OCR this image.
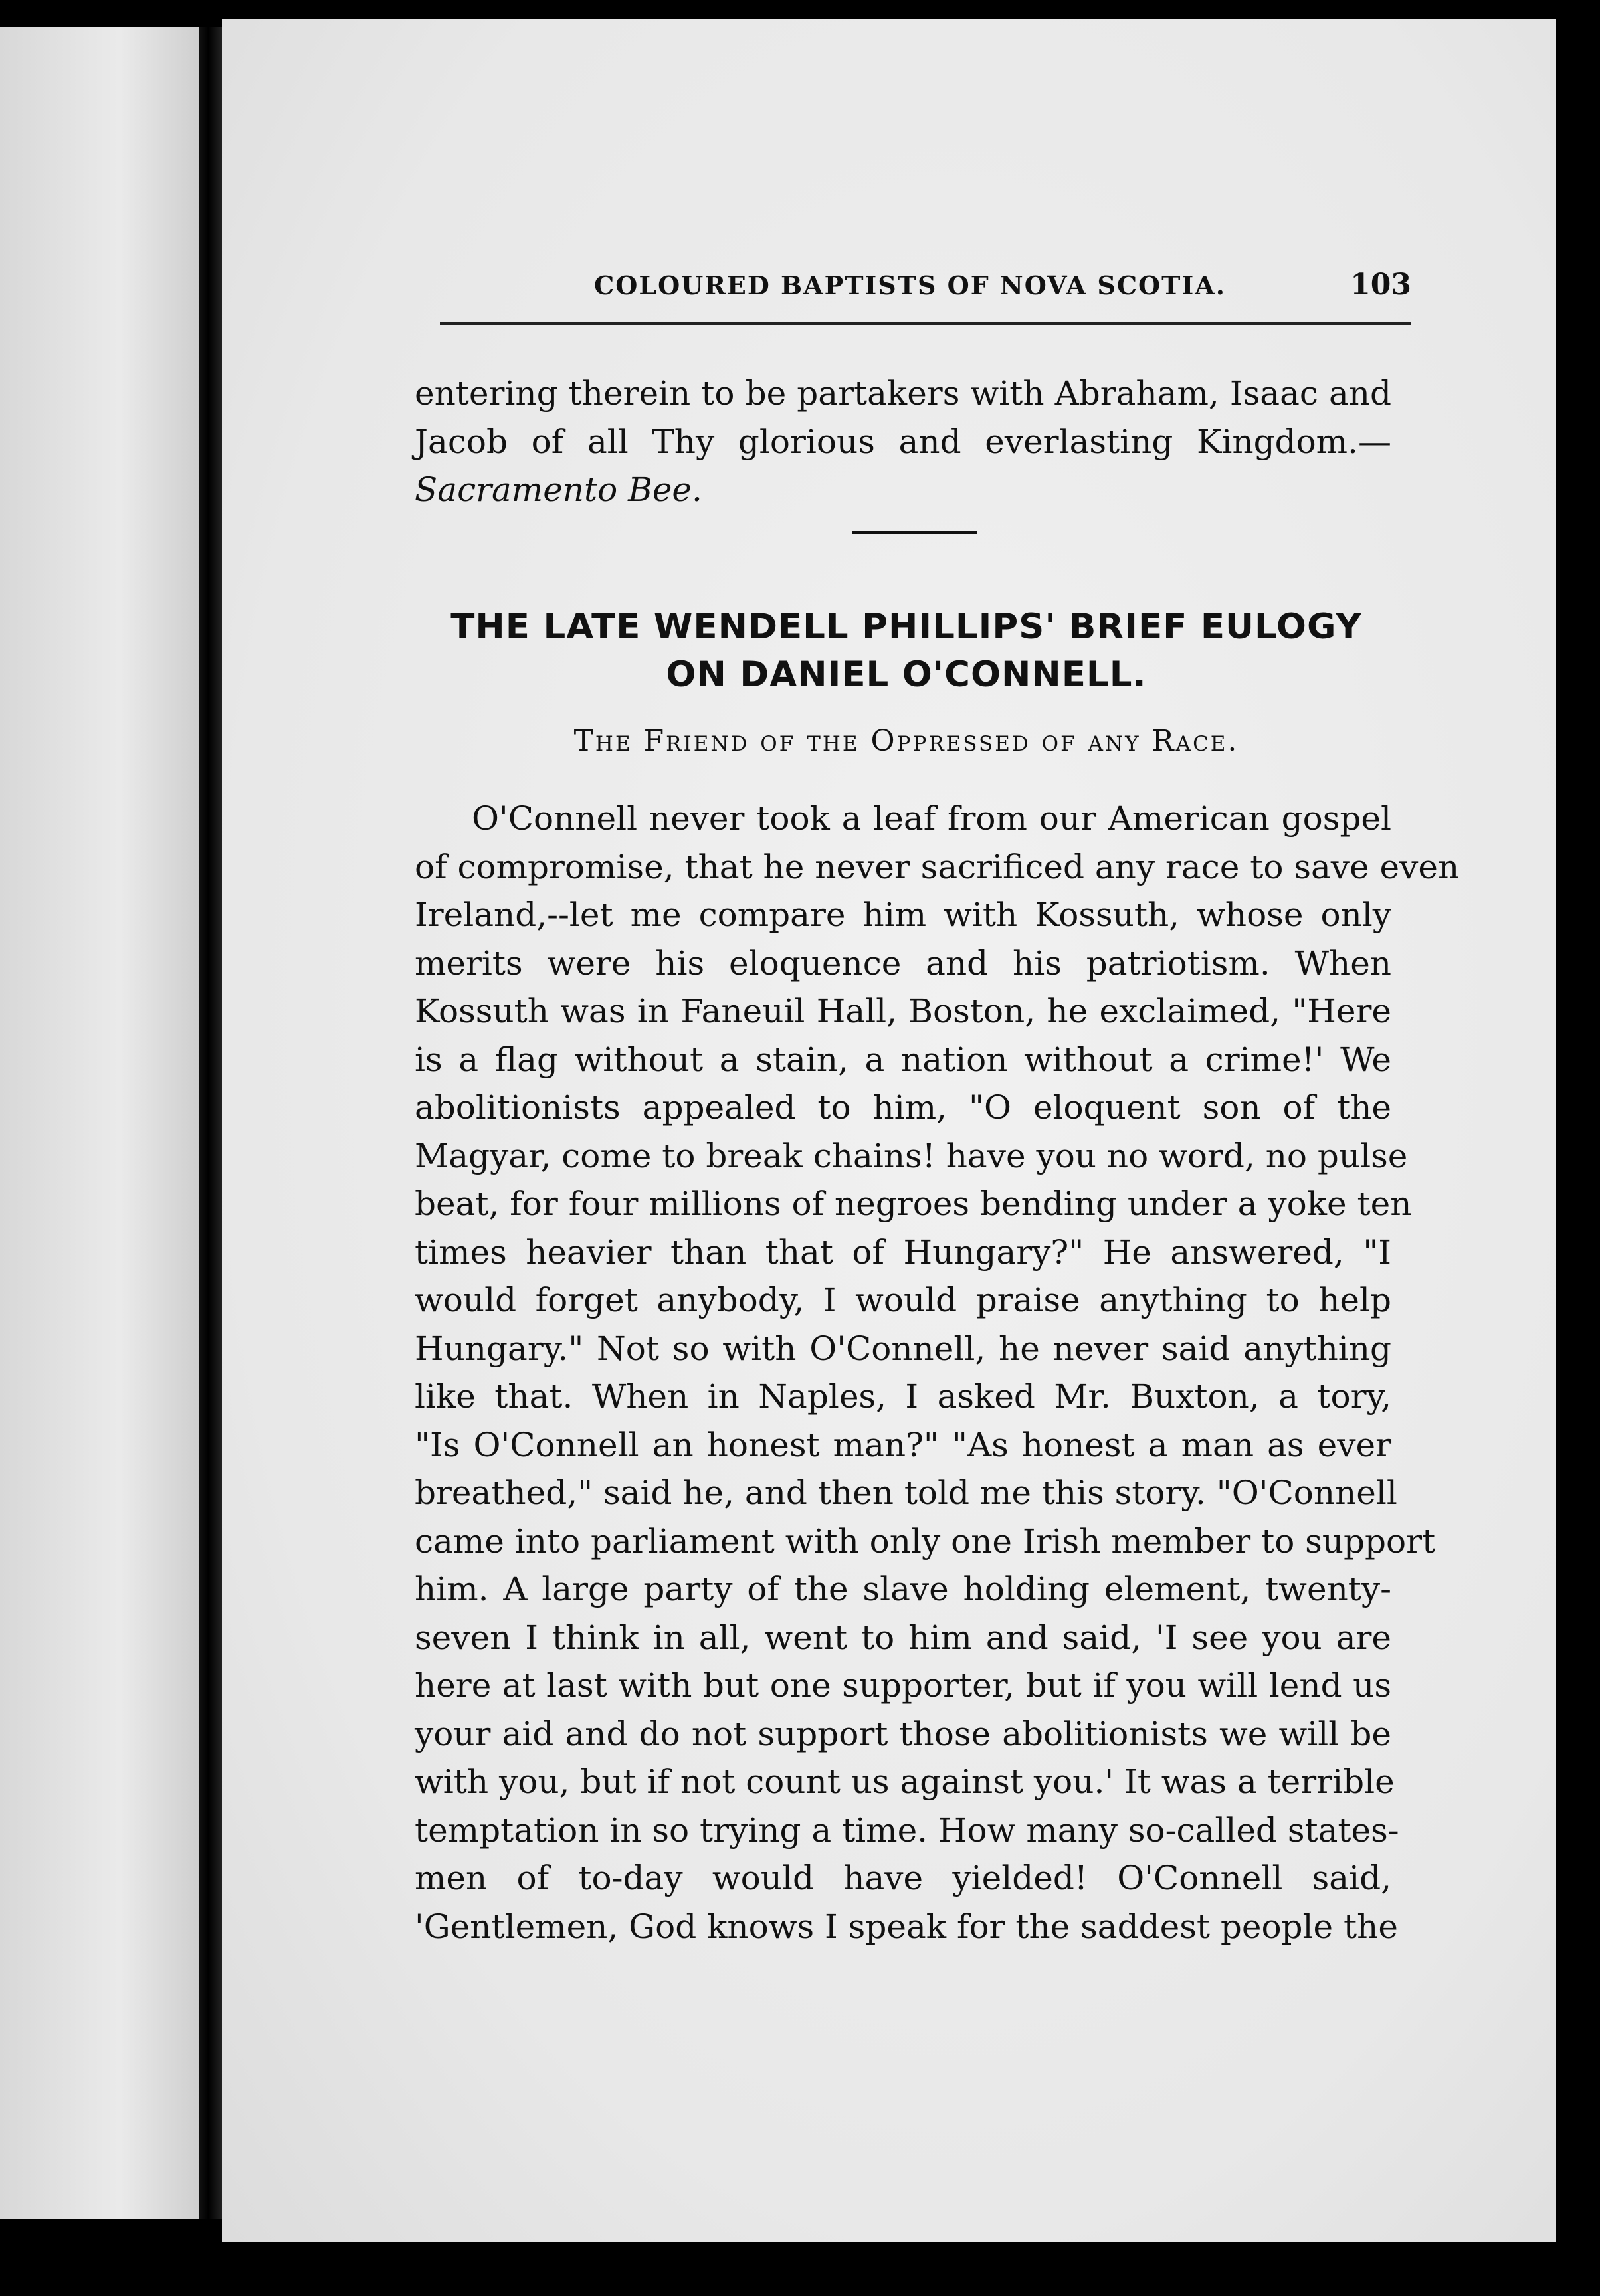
COLOURED BAPTISTS OF NOVA SCOTIA.	103
entering therein to be partakers with Abraham, Isaac and
Jacob of all Thy glorious and everlasting Kingdom.—
Sacramento Bee.
THE LATE WENDELL PHILLIPS' BRIEF EULOGY ON DANIEL O'CONNELL.
The Friend of the Oppressed of any Race.
O'Connell never took a leaf from our American gospel
of compromise, that he never sacrificed any race to save even
Ireland,--let me compare him with Kossuth, whose only
merits were his eloquence and his patriotism. When
Kossuth was in Faneuil Hall, Boston, he exclaimed, "Here
is a flag without a stain, a nation without a crime!' We
abolitionists appealed to him, "O eloquent son of the
Magyar, come to break chains! have you no word, no pulse
beat, for four millions of negroes bending under a yoke ten
times heavier than that of Hungary?" He answered, "I
would forget anybody, I would praise anything to help
Hungary." Not so with O'Connell, he never said anything
like that. When in Naples, I asked Mr. Buxton, a tory,
"Is O'Connell an honest man?" "As honest a man as ever
breathed," said he, and then told me this story. "O'Connell
came into parliament with only one Irish member to support
him. A large party of the slave holding element, twenty-
seven I think in all, went to him and said, 'I see you are
here at last with but one supporter, but if you will lend us
your aid and do not support those abolitionists we will be
with you, but if not count us against you.' It was a terrible
temptation in so trying a time. How many so-called states-
men of to-day would have yielded! O'Connell said,
'Gentlemen, God knows I speak for the saddest people the
